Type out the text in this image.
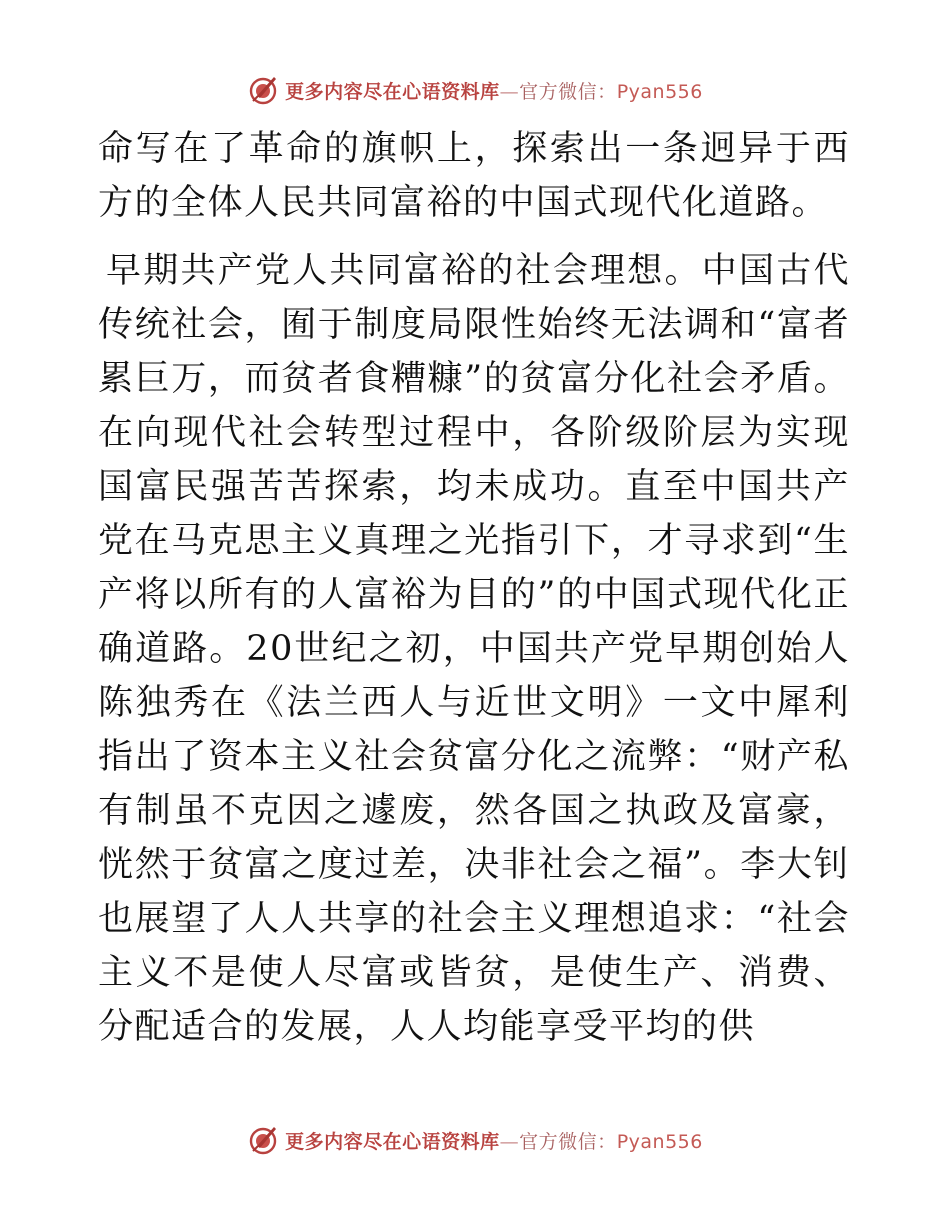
更多内容尽在心语资料库—官方微信：Pyan556

命写在了革命的旗帜上，探索出一条迥异于西方的全体人民共同富裕的中国式现代化道路。

早期共产党人共同富裕的社会理想。中国古代传统社会，囿于制度局限性始终无法调和“富者累巨万，而贫者食糟糠”的贫富分化社会矛盾。在向现代社会转型过程中，各阶级阶层为实现国富民强苦苦探索，均未成功。直至中国共产党在马克思主义真理之光指引下，才寻求到“生产将以所有的人富裕为目的”的中国式现代化正确道路。20世纪之初，中国共产党早期创始人陈独秀在《法兰西人与近世文明》一文中犀利指出了资本主义社会贫富分化之流弊：“财产私有制虽不克因之遽废，然各国之执政及富豪，恍然于贫富之度过差，决非社会之福”。李大钊也展望了人人共享的社会主义理想追求：“社会主义不是使人尽富或皆贫，是使生产、消费、分配适合的发展，人人均能享受平均的供

更多内容尽在心语资料库—官方微信：Pyan556
